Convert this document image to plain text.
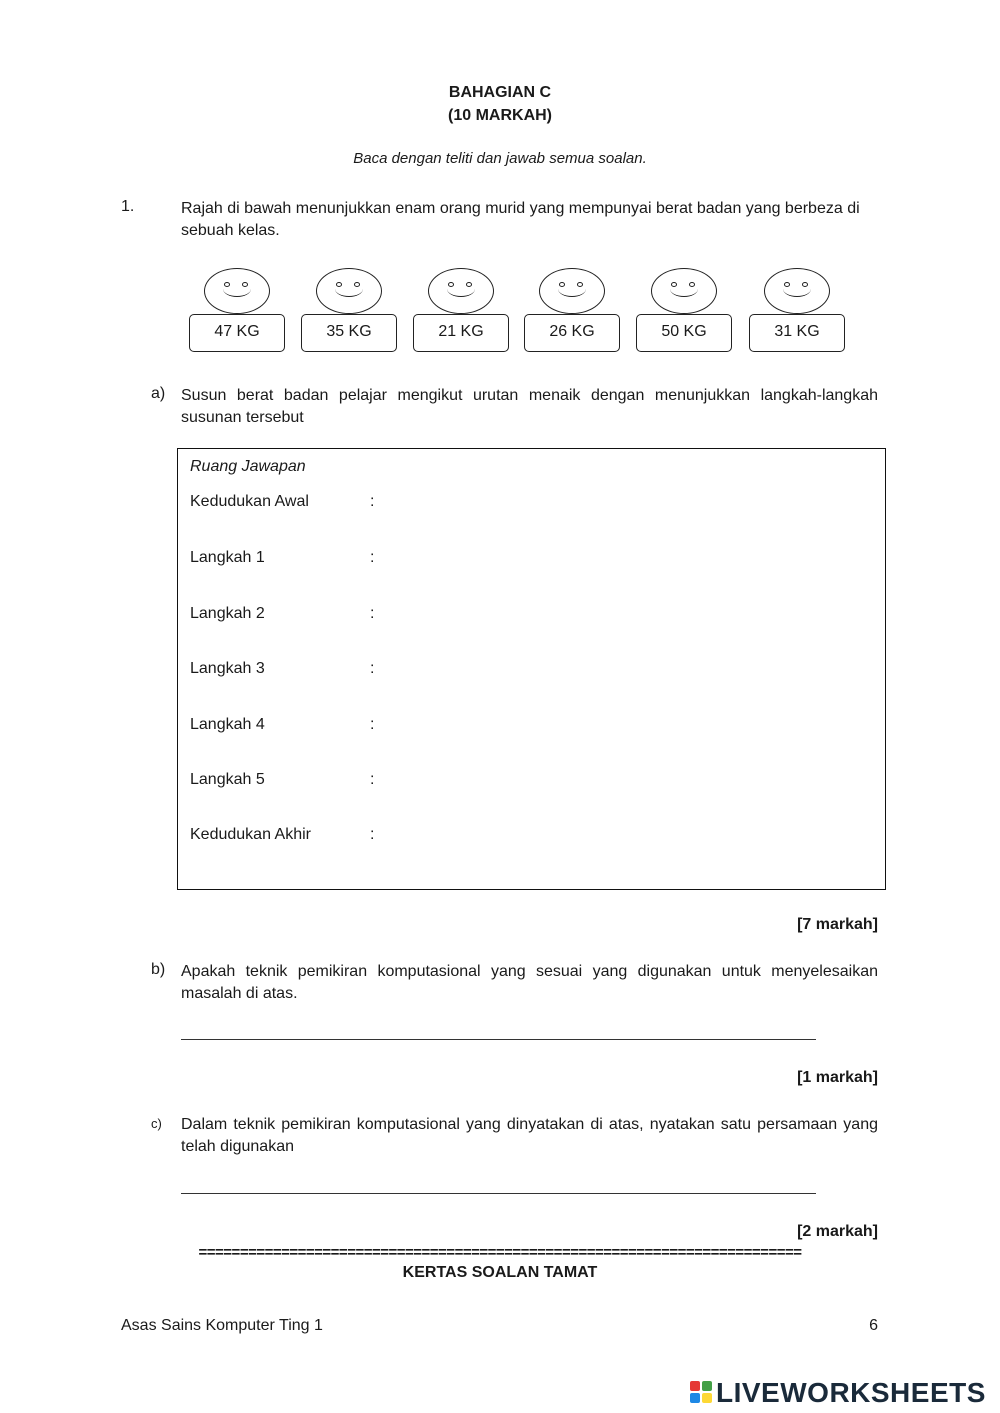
BAHAGIAN C
(10 MARKAH)
Baca dengan teliti dan jawab semua soalan.
1.	Rajah di bawah menunjukkan enam orang murid yang mempunyai berat badan yang berbeza di sebuah kelas.
47 KG	35 KG	21 KG	26 KG	50 KG	31 KG
a) Susun berat badan pelajar mengikut urutan menaik dengan menunjukkan langkah-langkah susunan tersebut
Ruang Jawapan
Kedudukan Awal	:
Langkah 1	:
Langkah 2	:
Langkah 3	:
Langkah 4	:
Langkah 5	:
Kedudukan Akhir	:
[7 markah]
b) Apakah teknik pemikiran komputasional yang sesuai yang digunakan untuk menyelesaikan masalah di atas.
[1 markah]
c) Dalam teknik pemikiran komputasional yang dinyatakan di atas, nyatakan satu persamaan yang telah digunakan
[2 markah]
=========================================================================
KERTAS SOALAN TAMAT
Asas Sains Komputer Ting 1	6
LIVEWORKSHEETS
